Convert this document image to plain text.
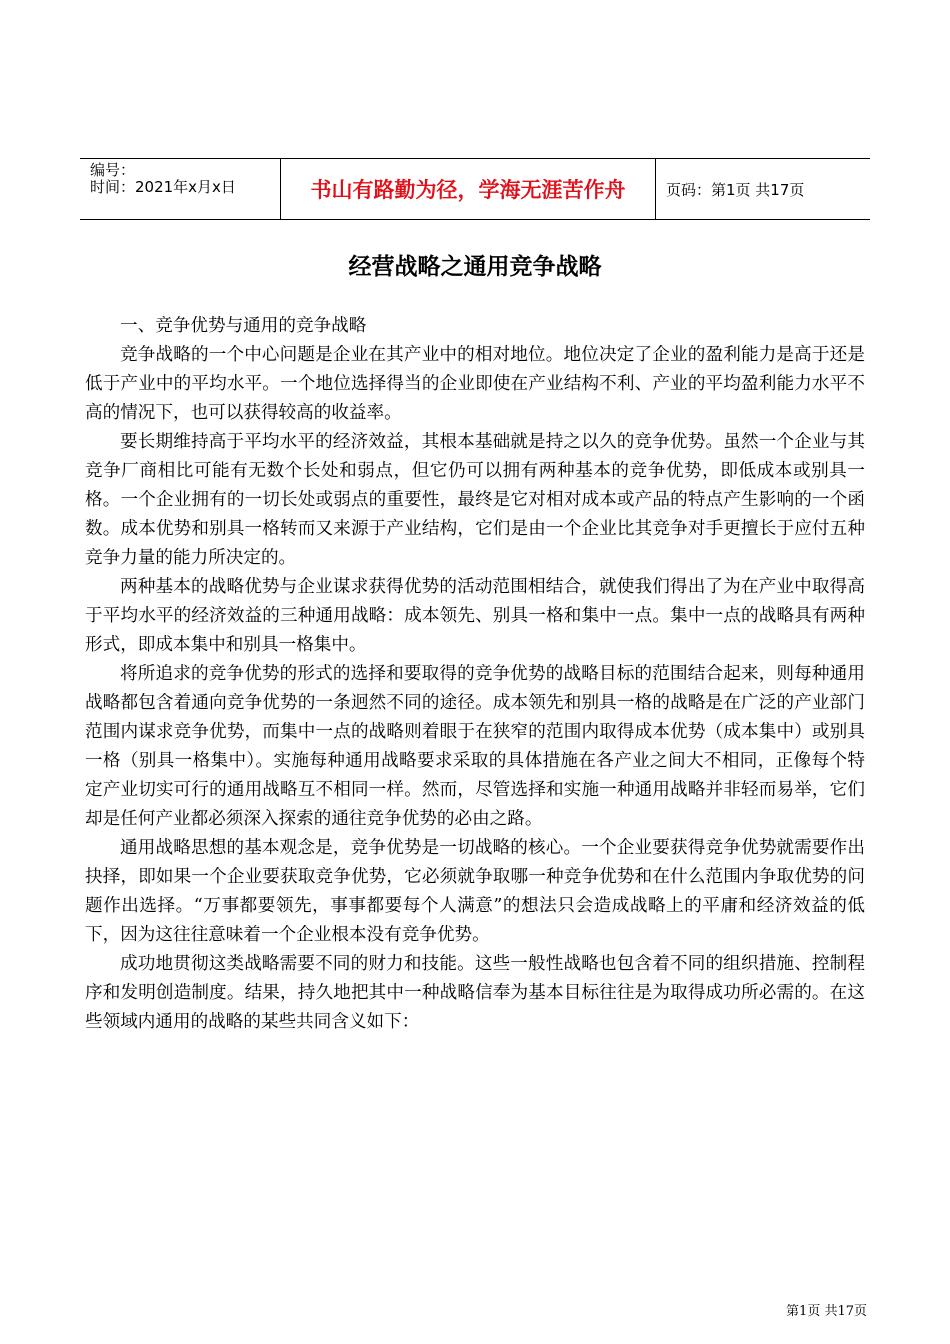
编号：
时间：2021年x月x日	书山有路勤为径，学海无涯苦作舟	页码：第1页 共17页
经营战略之通用竞争战略

一、竞争优势与通用的竞争战略

竞争战略的一个中心问题是企业在其产业中的相对地位。地位决定了企业的盈利能力是高于还是低于产业中的平均水平。一个地位选择得当的企业即使在产业结构不利、产业的平均盈利能力水平不高的情况下，也可以获得较高的收益率。

要长期维持高于平均水平的经济效益，其根本基础就是持之以久的竞争优势。虽然一个企业与其竞争厂商相比可能有无数个长处和弱点，但它仍可以拥有两种基本的竞争优势，即低成本或别具一格。一个企业拥有的一切长处或弱点的重要性，最终是它对相对成本或产品的特点产生影响的一个函数。成本优势和别具一格转而又来源于产业结构，它们是由一个企业比其竞争对手更擅长于应付五种竞争力量的能力所决定的。

两种基本的战略优势与企业谋求获得优势的活动范围相结合，就使我们得出了为在产业中取得高于平均水平的经济效益的三种通用战略：成本领先、别具一格和集中一点。集中一点的战略具有两种形式，即成本集中和别具一格集中。

将所追求的竞争优势的形式的选择和要取得的竞争优势的战略目标的范围结合起来，则每种通用战略都包含着通向竞争优势的一条迥然不同的途径。成本领先和别具一格的战略是在广泛的产业部门范围内谋求竞争优势，而集中一点的战略则着眼于在狭窄的范围内取得成本优势（成本集中）或别具一格（别具一格集中）。实施每种通用战略要求采取的具体措施在各产业之间大不相同，正像每个特定产业切实可行的通用战略互不相同一样。然而，尽管选择和实施一种通用战略并非轻而易举，它们却是任何产业都必须深入探索的通往竞争优势的必由之路。

通用战略思想的基本观念是，竞争优势是一切战略的核心。一个企业要获得竞争优势就需要作出抉择，即如果一个企业要获取竞争优势，它必须就争取哪一种竞争优势和在什么范围内争取优势的问题作出选择。“万事都要领先，事事都要每个人满意”的想法只会造成战略上的平庸和经济效益的低下，因为这往往意味着一个企业根本没有竞争优势。

成功地贯彻这类战略需要不同的财力和技能。这些一般性战略也包含着不同的组织措施、控制程序和发明创造制度。结果，持久地把其中一种战略信奉为基本目标往往是为取得成功所必需的。在这些领域内通用的战略的某些共同含义如下：

第1页 共17页
